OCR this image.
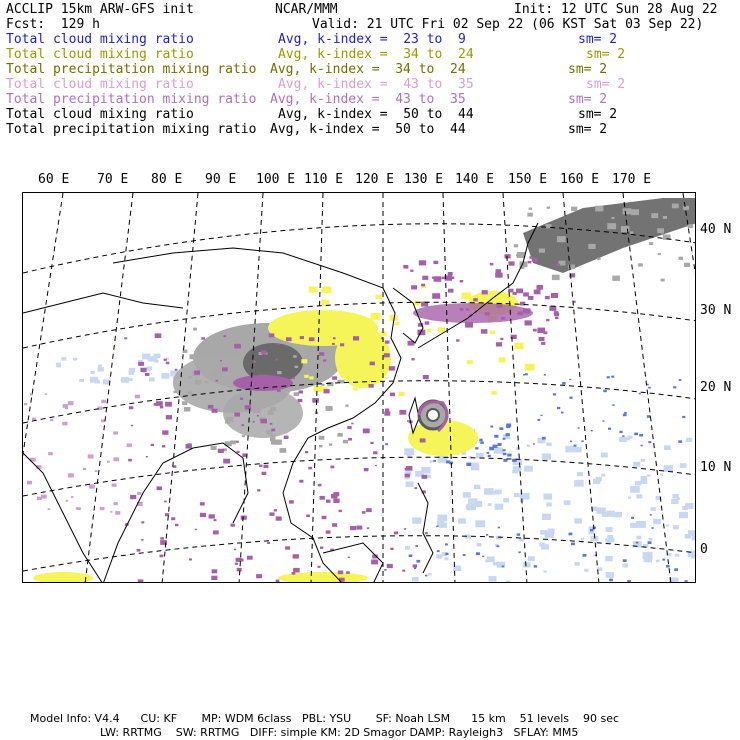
ACCLIP 15km ARW-GFS init	NCAR/MMM	Init: 12 UTC Sun 28 Aug 22
Fcst:  129 h	Valid: 21 UTC Fri 02 Sep 22 (06 KST Sat 03 Sep 22)
Total cloud mixing ratio	Avg, k-index =  23 to  9	sm= 2
Total cloud mixing ratio	Avg, k-index =  34 to  24	sm= 2
Total precipitation mixing ratio Avg, k-index =  34 to  24	sm= 2
Total cloud mixing ratio	Avg, k-index =  43 to  35	sm= 2
Total precipitation mixing ratio Avg, k-index =  43 to  35	sm= 2
Total cloud mixing ratio	Avg, k-index =  50 to  44	sm= 2
Total precipitation mixing ratio Avg, k-index =  50 to  44	sm= 2
60 E 70 E 80 E 90 E 100 E 110 E 120 E 130 E 140 E 150 E 160 E 170 E
40 N
30 N
20 N
10 N
0
Model Info: V4.4      CU: KF       MP: WDM 6class   PBL: YSU       SF: Noah LSM      15 km    51 levels    90 sec
LW: RRTMG    SW: RRTMG   DIFF: simple KM: 2D Smagor DAMP: Rayleigh3   SFLAY: MM5
